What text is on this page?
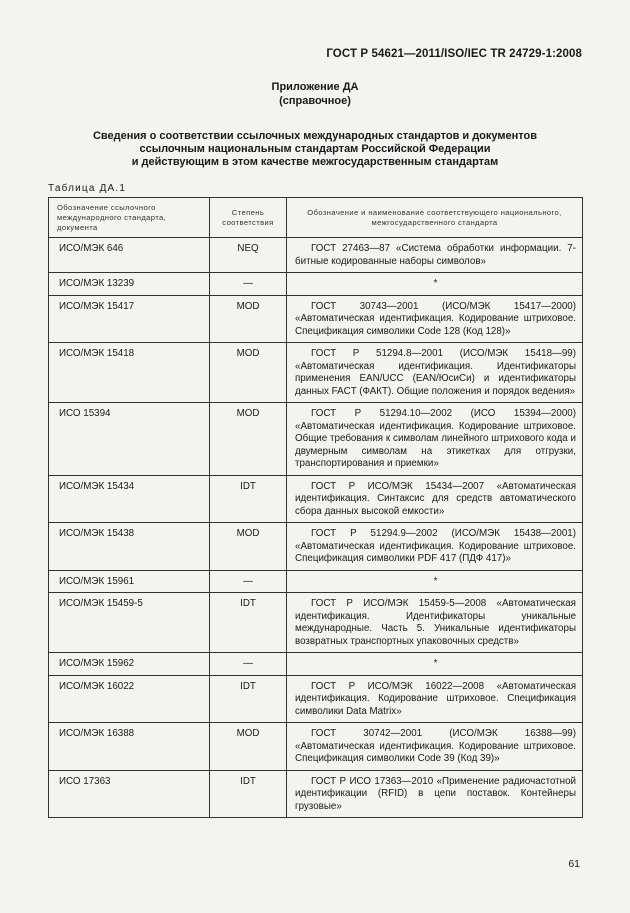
ГОСТ Р 54621—2011/ISO/IEC TR 24729-1:2008
Приложение ДА
(справочное)
Сведения о соответствии ссылочных международных стандартов и документов
ссылочным национальным стандартам Российской Федерации
и действующим в этом качестве межгосударственным стандартам
Таблица ДА.1
Обозначение ссылочного международного стандарта, документа	Степень соответствия	Обозначение и наименование соответствующего национального, межгосударственного стандарта
ИСО/МЭК 646	NEQ	ГОСТ 27463—87 «Система обработки информации. 7-битные кодированные наборы символов»
ИСО/МЭК 13239	—	*
ИСО/МЭК 15417	MOD	ГОСТ 30743—2001 (ИСО/МЭК 15417—2000) «Автоматическая идентификация. Кодирование штриховое. Спецификация символики Code 128 (Код 128)»
ИСО/МЭК 15418	MOD	ГОСТ Р 51294.8—2001 (ИСО/МЭК 15418—99) «Автоматическая идентификация. Идентификаторы применения EAN/UCC (EAN/ЮсиСи) и идентификаторы данных FACT (ФАКТ). Общие положения и порядок ведения»
ИСО 15394	MOD	ГОСТ Р 51294.10—2002 (ИСО 15394—2000) «Автоматическая идентификация. Кодирование штриховое. Общие требования к символам линейного штрихового кода и двумерным символам на этикетках для отгрузки, транспортирования и приемки»
ИСО/МЭК 15434	IDT	ГОСТ Р ИСО/МЭК 15434—2007 «Автоматическая идентификация. Синтаксис для средств автоматического сбора данных высокой емкости»
ИСО/МЭК 15438	MOD	ГОСТ Р 51294.9—2002 (ИСО/МЭК 15438—2001) «Автоматическая идентификация. Кодирование штриховое. Спецификация символики PDF 417 (ПДФ 417)»
ИСО/МЭК 15961	—	*
ИСО/МЭК 15459-5	IDT	ГОСТ Р ИСО/МЭК 15459-5—2008 «Автоматическая идентификация. Идентификаторы уникальные международные. Часть 5. Уникальные идентификаторы возвратных транспортных упаковочных средств»
ИСО/МЭК 15962	—	*
ИСО/МЭК 16022	IDT	ГОСТ Р ИСО/МЭК 16022—2008 «Автоматическая идентификация. Кодирование штриховое. Спецификация символики Data Matrix»
ИСО/МЭК 16388	MOD	ГОСТ 30742—2001 (ИСО/МЭК 16388—99) «Автоматическая идентификация. Кодирование штриховое. Спецификация символики Code 39 (Код 39)»
ИСО 17363	IDT	ГОСТ Р ИСО 17363—2010 «Применение радиочастотной идентификации (RFID) в цепи поставок. Контейнеры грузовые»
61
